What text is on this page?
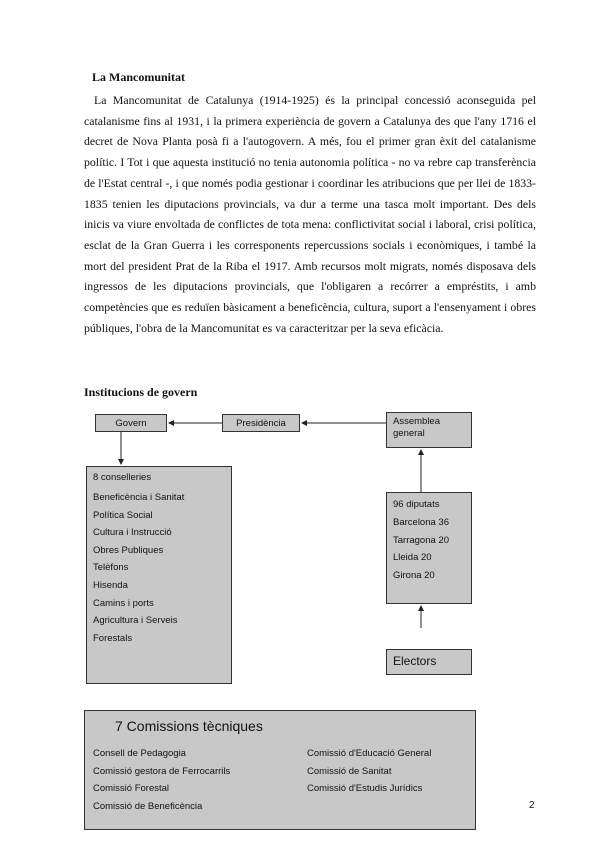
La Mancomunitat

La Mancomunitat de Catalunya (1914-1925) és la principal concessió aconseguida pel catalanisme fins al 1931, i la primera experiència de govern a Catalunya des que l'any 1716 el decret de Nova Planta posà fi a l'autogovern. A més, fou el primer gran èxit del catalanisme polític. I Tot i que aquesta institució no tenia autonomia política - no va rebre cap transferència de l'Estat central -, i que només podia gestionar i coordinar les atribucions que per llei de 1833-1835 tenien les diputacions provincials, va dur a terme una tasca molt important. Des dels inicis va viure envoltada de conflictes de tota mena: conflictivitat social i laboral, crisi política, esclat de la Gran Guerra i les corresponents repercussions socials i econòmiques, i també la mort del president Prat de la Riba el 1917. Amb recursos molt migrats, només disposava dels ingressos de les diputacions provincials, que l'obligaren a recórrer a empréstits, i amb competències que es reduïen bàsicament a beneficència, cultura, suport a l'ensenyament i obres públiques, l'obra de la Mancomunitat es va caracteritzar per la seva eficàcia.

Institucions de govern
Govern	Presidència	Assemblea general
8 conselleries
Beneficència i Sanitat
Política Social
Cultura i Instrucció
Obres Publiques
Telèfons
Hisenda
Camins i ports
Agricultura i Serveis
Forestals
96 diputats
Barcelona 36
Tarragona 20
Lleida 20
Girona 20
Electors
7 Comissions tècniques
Consell de Pedagogia
Comissió gestora de Ferrocarrils
Comissió Forestal
Comissió de Beneficència
Comissió d'Educació General
Comissió de Sanitat
Comissió d'Estudis Jurídics
2
